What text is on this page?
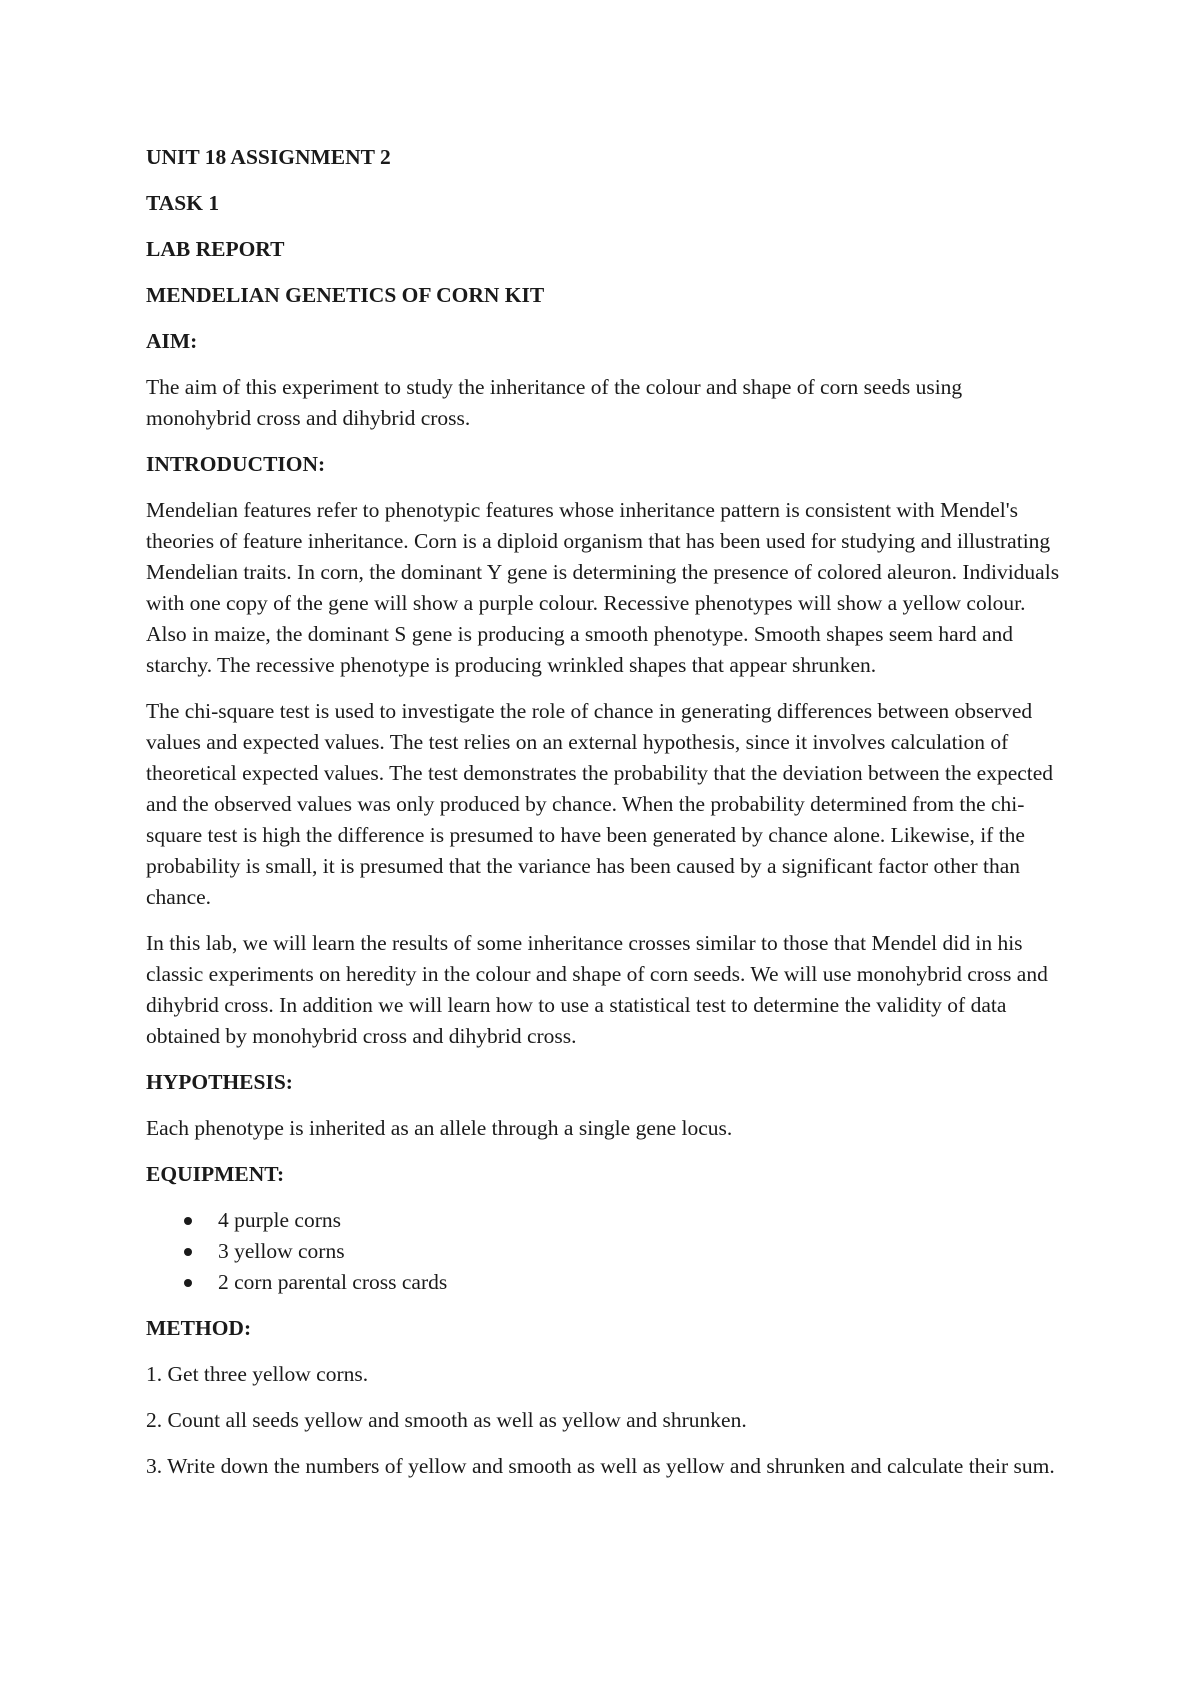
UNIT 18 ASSIGNMENT 2

TASK 1

LAB REPORT

MENDELIAN GENETICS OF CORN KIT

AIM:

The aim of this experiment to study the inheritance of the colour and shape of corn seeds using monohybrid cross and dihybrid cross.

INTRODUCTION:

Mendelian features refer to phenotypic features whose inheritance pattern is consistent with Mendel's theories of feature inheritance. Corn is a diploid organism that has been used for studying and illustrating Mendelian traits. In corn, the dominant Y gene is determining the presence of colored aleuron. Individuals with one copy of the gene will show a purple colour. Recessive phenotypes will show a yellow colour. Also in maize, the dominant S gene is producing a smooth phenotype. Smooth shapes seem hard and starchy. The recessive phenotype is producing wrinkled shapes that appear shrunken.

The chi-square test is used to investigate the role of chance in generating differences between observed values and expected values. The test relies on an external hypothesis, since it involves calculation of theoretical expected values. The test demonstrates the probability that the deviation between the expected and the observed values was only produced by chance. When the probability determined from the chi-square test is high the difference is presumed to have been generated by chance alone. Likewise, if the probability is small, it is presumed that the variance has been caused by a significant factor other than chance.

In this lab, we will learn the results of some inheritance crosses similar to those that Mendel did in his classic experiments on heredity in the colour and shape of corn seeds. We will use monohybrid cross and dihybrid cross. In addition we will learn how to use a statistical test to determine the validity of data obtained by monohybrid cross and dihybrid cross.

HYPOTHESIS:

Each phenotype is inherited as an allele through a single gene locus.

EQUIPMENT:

4 purple corns
3 yellow corns
2 corn parental cross cards

METHOD:

1. Get three yellow corns.

2. Count all seeds yellow and smooth as well as yellow and shrunken.

3. Write down the numbers of yellow and smooth as well as yellow and shrunken and calculate their sum.
